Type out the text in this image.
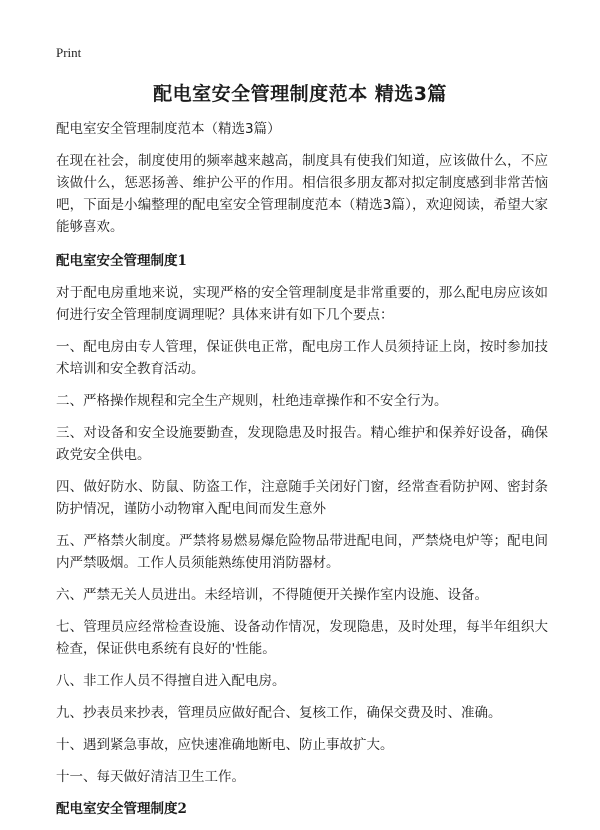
Print
配电室安全管理制度范本 精选3篇

配电室安全管理制度范本（精选3篇）

在现在社会，制度使用的频率越来越高，制度具有使我们知道，应该做什么，不应该做什么，惩恶扬善、维护公平的作用。相信很多朋友都对拟定制度感到非常苦恼吧，下面是小编整理的配电室安全管理制度范本（精选3篇），欢迎阅读，希望大家能够喜欢。

配电室安全管理制度1

对于配电房重地来说，实现严格的安全管理制度是非常重要的，那么配电房应该如何进行安全管理制度调理呢？具体来讲有如下几个要点：

一、配电房由专人管理，保证供电正常，配电房工作人员须持证上岗，按时参加技术培训和安全教育活动。

二、严格操作规程和完全生产规则，杜绝违章操作和不安全行为。

三、对设备和安全设施要勤查，发现隐患及时报告。精心维护和保养好设备，确保政党安全供电。

四、做好防水、防鼠、防盗工作，注意随手关闭好门窗，经常查看防护网、密封条防护情况，谨防小动物窜入配电间而发生意外

五、严格禁火制度。严禁将易燃易爆危险物品带进配电间，严禁烧电炉等；配电间内严禁吸烟。工作人员须能熟练使用消防器材。

六、严禁无关人员进出。未经培训，不得随便开关操作室内设施、设备。

七、管理员应经常检查设施、设备动作情况，发现隐患，及时处理，每半年组织大检查，保证供电系统有良好的'性能。

八、非工作人员不得擅自进入配电房。

九、抄表员来抄表，管理员应做好配合、复核工作，确保交费及时、准确。

十、遇到紧急事故，应快速准确地断电、防止事故扩大。

十一、每天做好清洁卫生工作。

配电室安全管理制度2
